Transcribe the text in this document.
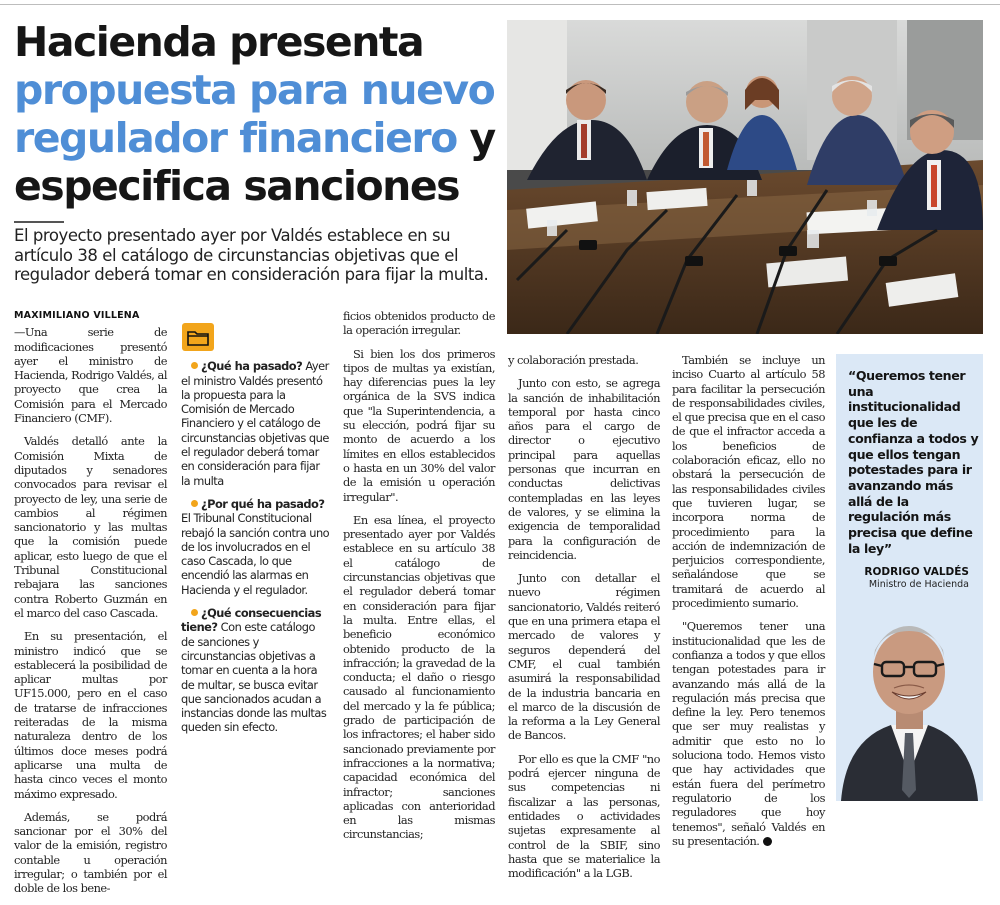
Hacienda presenta
propuesta para nuevo regulador financiero y especifica sanciones

El proyecto presentado ayer por Valdés establece en su artículo 38 el catálogo de circunstancias objetivas que el regulador deberá tomar en consideración para fijar la multa.

MAXIMILIANO VILLENA

—Una serie de modificaciones presentó ayer el ministro de Hacienda, Rodrigo Valdés, al proyecto que crea la Comisión para el Mercado Financiero (CMF).

Valdés detalló ante la Comisión Mixta de diputados y senadores convocados para revisar el proyecto de ley, una serie de cambios al régimen sancionatorio y las multas que la comisión puede aplicar, esto luego de que el Tribunal Constitucional rebajara las sanciones contra Roberto Guzmán en el marco del caso Cascada.

En su presentación, el ministro indicó que se establecerá la posibilidad de aplicar multas por UF15.000, pero en el caso de tratarse de infracciones reiteradas de la misma naturaleza dentro de los últimos doce meses podrá aplicarse una multa de hasta cinco veces el monto máximo expresado.

Además, se podrá sancionar por el 30% del valor de la emisión, registro contable u operación irregular; o también por el doble de los bene-

¿Qué ha pasado? Ayer el ministro Valdés presentó la propuesta para la Comisión de Mercado Financiero y el catálogo de circunstancias objetivas que el regulador deberá tomar en consideración para fijar la multa

¿Por qué ha pasado? El Tribunal Constitucional rebajó la sanción contra uno de los involucrados en el caso Cascada, lo que encendió las alarmas en Hacienda y el regulador.

¿Qué consecuencias tiene? Con este catálogo de sanciones y circunstancias objetivas a tomar en cuenta a la hora de multar, se busca evitar que sancionados acudan a instancias donde las multas queden sin efecto.

ficios obtenidos producto de la operación irregular.

Si bien los dos primeros tipos de multas ya existían, hay diferencias pues la ley orgánica de la SVS indica que "la Superintendencia, a su elección, podrá fijar su monto de acuerdo a los límites en ellos establecidos o hasta en un 30% del valor de la emisión u operación irregular".

En esa línea, el proyecto presentado ayer por Valdés establece en su artículo 38 el catálogo de circunstancias objetivas que el regulador deberá tomar en consideración para fijar la multa. Entre ellas, el beneficio económico obtenido producto de la infracción; la gravedad de la conducta; el daño o riesgo causado al funcionamiento del mercado y la fe pública; grado de participación de los infractores; el haber sido sancionado previamente por infracciones a la normativa; capacidad económica del infractor; sanciones aplicadas con anterioridad en las mismas circunstancias;

y colaboración prestada.

Junto con esto, se agrega la sanción de inhabilitación temporal por hasta cinco años para el cargo de director o ejecutivo principal para aquellas personas que incurran en conductas delictivas contempladas en las leyes de valores, y se elimina la exigencia de temporalidad para la configuración de reincidencia.

Junto con detallar el nuevo régimen sancionatorio, Valdés reiteró que en una primera etapa el mercado de valores y seguros dependerá del CMF, el cual también asumirá la responsabilidad de la industria bancaria en el marco de la discusión de la reforma a la Ley General de Bancos.

Por ello es que la CMF "no podrá ejercer ninguna de sus competencias ni fiscalizar a las personas, entidades o actividades sujetas expresamente al control de la SBIF, sino hasta que se materialice la modificación" a la LGB.

También se incluye un inciso Cuarto al artículo 58 para facilitar la persecución de responsabilidades civiles, el que precisa que en el caso de que el infractor acceda a los beneficios de colaboración eficaz, ello no obstará la persecución de las responsabilidades civiles que tuvieren lugar, se incorpora norma de procedimiento para la acción de indemnización de perjuicios correspondiente, señalándose que se tramitará de acuerdo al procedimiento sumario.

"Queremos tener una institucionalidad que les de confianza a todos y que ellos tengan potestades para ir avanzando más allá de la regulación más precisa que define la ley. Pero tenemos que ser muy realistas y admitir que esto no lo soluciona todo. Hemos visto que hay actividades que están fuera del perímetro regulatorio de los reguladores que hoy tenemos", señaló Valdés en su presentación.

“Queremos tener una institucionalidad que les de confianza a todos y que ellos tengan potestades para ir avanzando más allá de la regulación más precisa que define la ley”

RODRIGO VALDÉS
Ministro de Hacienda
